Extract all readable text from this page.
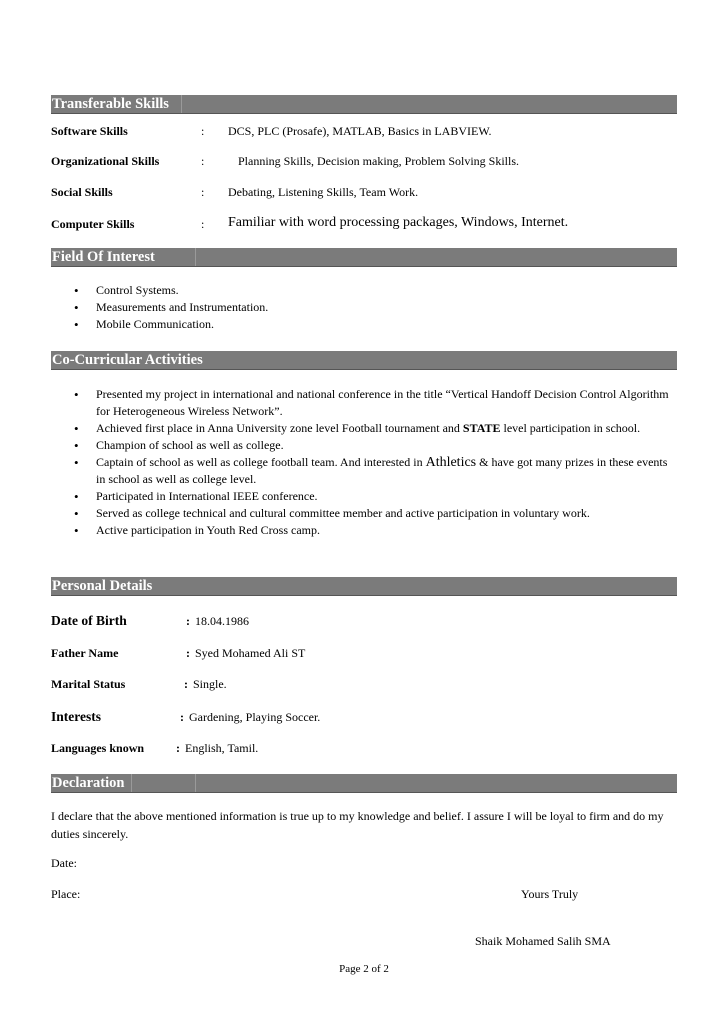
Transferable Skills
Software Skills	: DCS, PLC (Prosafe), MATLAB, Basics in LABVIEW.
Organizational Skills	:	Planning Skills, Decision making, Problem Solving Skills.
Social Skills	: Debating, Listening Skills, Team Work.
Computer Skills	: Familiar with word processing packages, Windows, Internet.
Field Of Interest
• Control Systems.
• Measurements and Instrumentation.
• Mobile Communication.
Co-Curricular Activities
• Presented my project in international and national conference in the title “Vertical Handoff Decision Control Algorithm for Heterogeneous Wireless Network”.
• Achieved first place in Anna University zone level Football tournament and STATE level participation in school.
• Champion of school as well as college.
• Captain of school as well as college football team. And interested in Athletics & have got many prizes in these events in school as well as college level.
• Participated in International IEEE conference.
• Served as college technical and cultural committee member and active participation in voluntary work.
• Active participation in Youth Red Cross camp.
Personal Details
Date of Birth	: 18.04.1986
Father Name	: Syed Mohamed Ali ST
Marital Status	: Single.
Interests	: Gardening, Playing Soccer.
Languages known	: English, Tamil.
Declaration
I declare that the above mentioned information is true up to my knowledge and belief. I assure I will be loyal to firm and do my duties sincerely.
Date:
Place:	Yours Truly
Shaik Mohamed Salih SMA
Page 2 of 2
